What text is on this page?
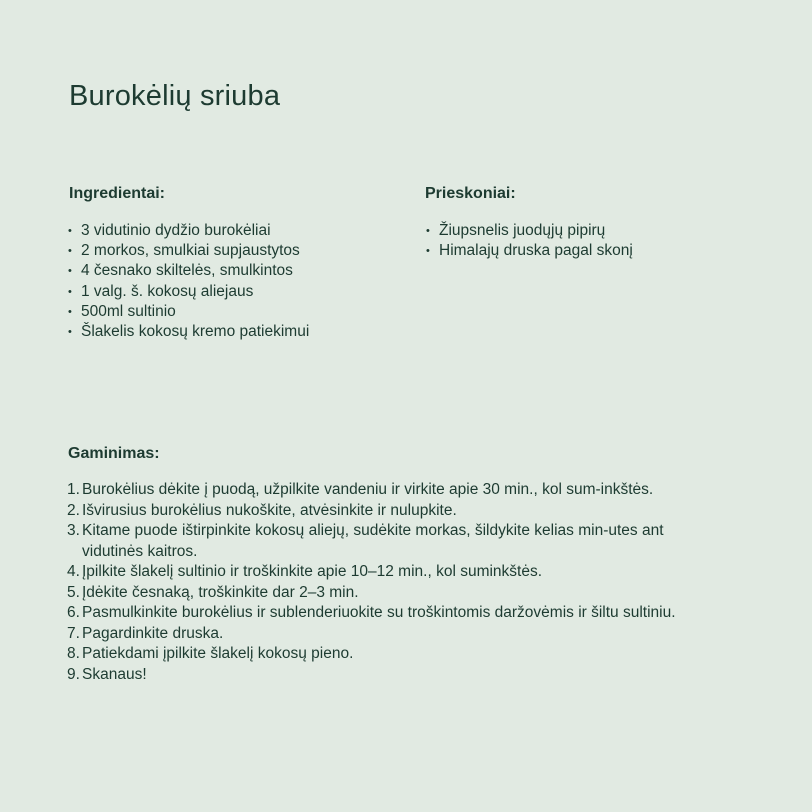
Burokėlių sriuba
Ingredientai:
• 3 vidutinio dydžio burokėliai
• 2 morkos, smulkiai supjaustytos
• 4 česnako skiltelės, smulkintos
• 1 valg. š. kokosų aliejaus
• 500ml sultinio
• Šlakelis kokosų kremo patiekimui
Prieskoniai:
• Žiupsnelis juodųjų pipirų
• Himalajų druska pagal skonį
Gaminimas:
1. Burokėlius dėkite į puodą, užpilkite vandeniu ir virkite apie 30 min., kol sum-inkštės.
2. Išvirusius burokėlius nukoškite, atvėsinkite ir nulupkite.
3. Kitame puode ištirpinkite kokosų aliejų, sudėkite morkas, šildykite kelias min-utes ant vidutinės kaitros.
4. Įpilkite šlakelį sultinio ir troškinkite apie 10–12 min., kol suminkštės.
5. Įdėkite česnaką, troškinkite dar 2–3 min.
6. Pasmulkinkite burokėlius ir sublenderiuokite su troškintomis daržovėmis ir šiltu sultiniu.
7. Pagardinkite druska.
8. Patiekdami įpilkite šlakelį kokosų pieno.
9. Skanaus!
